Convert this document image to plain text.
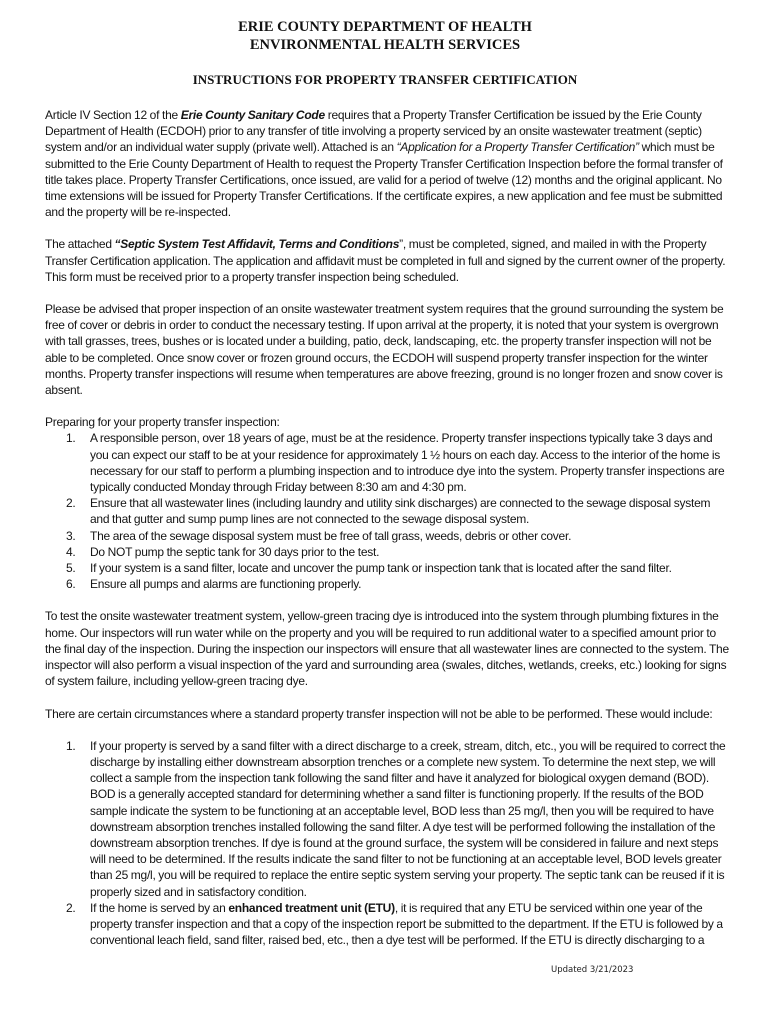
ERIE COUNTY DEPARTMENT OF HEALTH
ENVIRONMENTAL HEALTH SERVICES
INSTRUCTIONS FOR PROPERTY TRANSFER CERTIFICATION

Article IV Section 12 of the Erie County Sanitary Code requires that a Property Transfer Certification be issued by the Erie County Department of Health (ECDOH) prior to any transfer of title involving a property serviced by an onsite wastewater treatment (septic) system and/or an individual water supply (private well). Attached is an “Application for a Property Transfer Certification” which must be submitted to the Erie County Department of Health to request the Property Transfer Certification Inspection before the formal transfer of title takes place. Property Transfer Certifications, once issued, are valid for a period of twelve (12) months and the original applicant. No time extensions will be issued for Property Transfer Certifications. If the certificate expires, a new application and fee must be submitted and the property will be re-inspected.

The attached “Septic System Test Affidavit, Terms and Conditions”, must be completed, signed, and mailed in with the Property Transfer Certification application. The application and affidavit must be completed in full and signed by the current owner of the property. This form must be received prior to a property transfer inspection being scheduled.

Please be advised that proper inspection of an onsite wastewater treatment system requires that the ground surrounding the system be free of cover or debris in order to conduct the necessary testing. If upon arrival at the property, it is noted that your system is overgrown with tall grasses, trees, bushes or is located under a building, patio, deck, landscaping, etc. the property transfer inspection will not be able to be completed. Once snow cover or frozen ground occurs, the ECDOH will suspend property transfer inspection for the winter months. Property transfer inspections will resume when temperatures are above freezing, ground is no longer frozen and snow cover is absent.

Preparing for your property transfer inspection:

1. A responsible person, over 18 years of age, must be at the residence. Property transfer inspections typically take 3 days and you can expect our staff to be at your residence for approximately 1 ½ hours on each day. Access to the interior of the home is necessary for our staff to perform a plumbing inspection and to introduce dye into the system. Property transfer inspections are typically conducted Monday through Friday between 8:30 am and 4:30 pm.
2. Ensure that all wastewater lines (including laundry and utility sink discharges) are connected to the sewage disposal system and that gutter and sump pump lines are not connected to the sewage disposal system.
3. The area of the sewage disposal system must be free of tall grass, weeds, debris or other cover.
4. Do NOT pump the septic tank for 30 days prior to the test.
5. If your system is a sand filter, locate and uncover the pump tank or inspection tank that is located after the sand filter.
6. Ensure all pumps and alarms are functioning properly.

To test the onsite wastewater treatment system, yellow-green tracing dye is introduced into the system through plumbing fixtures in the home. Our inspectors will run water while on the property and you will be required to run additional water to a specified amount prior to the final day of the inspection. During the inspection our inspectors will ensure that all wastewater lines are connected to the system. The inspector will also perform a visual inspection of the yard and surrounding area (swales, ditches, wetlands, creeks, etc.) looking for signs of system failure, including yellow-green tracing dye.

There are certain circumstances where a standard property transfer inspection will not be able to be performed. These would include:

1. If your property is served by a sand filter with a direct discharge to a creek, stream, ditch, etc., you will be required to correct the discharge by installing either downstream absorption trenches or a complete new system. To determine the next step, we will collect a sample from the inspection tank following the sand filter and have it analyzed for biological oxygen demand (BOD). BOD is a generally accepted standard for determining whether a sand filter is functioning properly. If the results of the BOD sample indicate the system to be functioning at an acceptable level, BOD less than 25 mg/l, then you will be required to have downstream absorption trenches installed following the sand filter. A dye test will be performed following the installation of the downstream absorption trenches. If dye is found at the ground surface, the system will be considered in failure and next steps will need to be determined. If the results indicate the sand filter to not be functioning at an acceptable level, BOD levels greater than 25 mg/l, you will be required to replace the entire septic system serving your property. The septic tank can be reused if it is properly sized and in satisfactory condition.
2. If the home is served by an enhanced treatment unit (ETU), it is required that any ETU be serviced within one year of the property transfer inspection and that a copy of the inspection report be submitted to the department. If the ETU is followed by a conventional leach field, sand filter, raised bed, etc., then a dye test will be performed. If the ETU is directly discharging to a
Updated 3/21/2023
